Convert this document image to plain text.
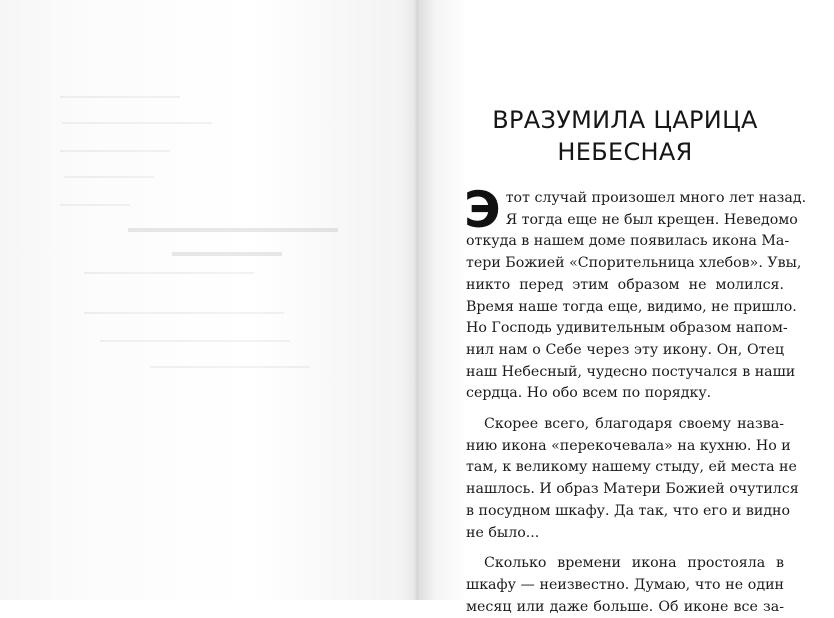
ВРАЗУМИЛА ЦАРИЦА
НЕБЕСНАЯ
Э тот случай произошел много лет назад.
Я тогда еще не был крещен. Неведомо
откуда в нашем доме появилась икона Ма-
тери Божией «Спорительница хлебов». Увы,
никто перед этим образом не молился.
Время наше тогда еще, видимо, не пришло.
Но Господь удивительным образом напом-
нил нам о Себе через эту икону. Он, Отец
наш Небесный, чудесно постучался в наши
сердца. Но обо всем по порядку.
Скорее всего, благодаря своему назва-
нию икона «перекочевала» на кухню. Но и
там, к великому нашему стыду, ей места не
нашлось. И образ Матери Божией очутился
в посудном шкафу. Да так, что его и видно
не было...
Сколько времени икона простояла в
шкафу — неизвестно. Думаю, что не один
месяц или даже больше. Об иконе все за-
